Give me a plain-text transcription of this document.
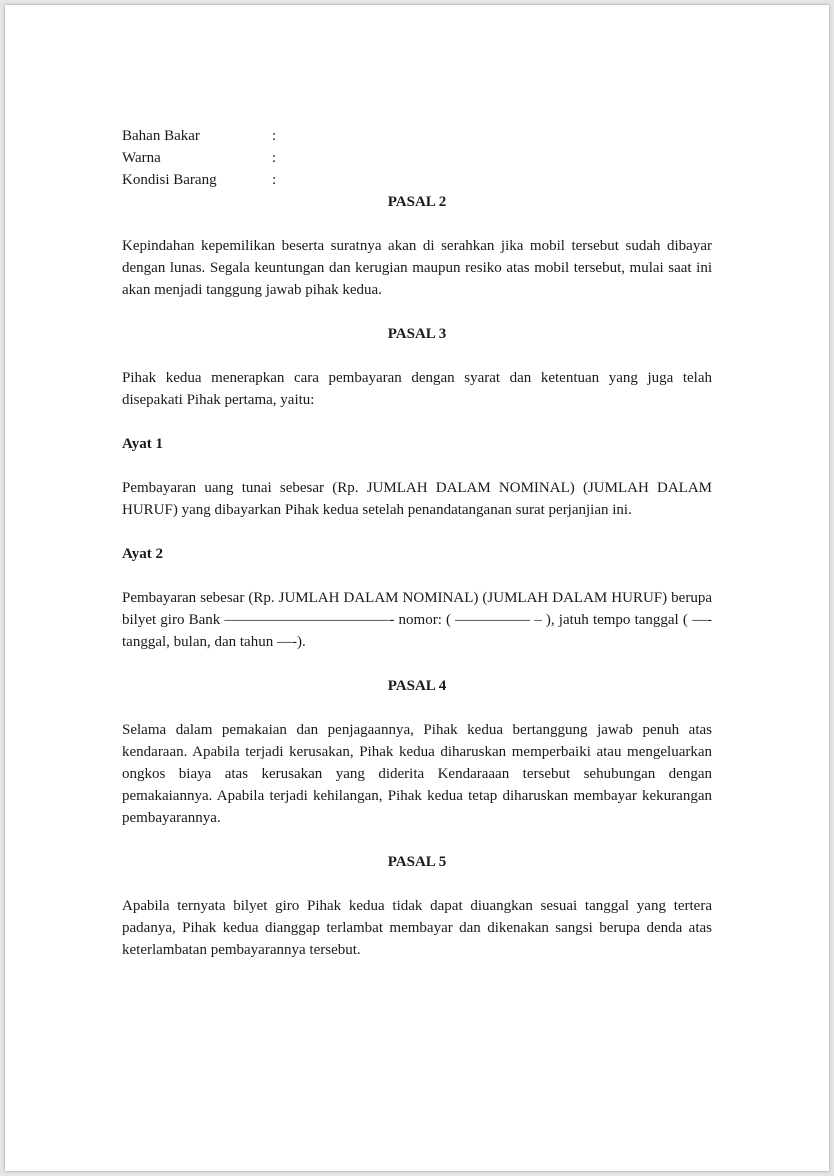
Bahan Bakar	:
Warna	:
Kondisi Barang	:

PASAL 2

Kepindahan kepemilikan beserta suratnya akan di serahkan jika mobil tersebut sudah dibayar dengan lunas. Segala keuntungan dan kerugian maupun resiko atas mobil tersebut, mulai saat ini akan menjadi tanggung jawab pihak kedua.

PASAL 3

Pihak kedua menerapkan cara pembayaran dengan syarat dan ketentuan yang juga telah disepakati Pihak pertama, yaitu:

Ayat 1

Pembayaran uang tunai sebesar (Rp. JUMLAH DALAM NOMINAL) (JUMLAH DALAM HURUF) yang dibayarkan Pihak kedua setelah penandatanganan surat perjanjian ini.

Ayat 2

Pembayaran sebesar (Rp. JUMLAH DALAM NOMINAL) (JUMLAH DALAM HURUF) berupa bilyet giro Bank ———————————- nomor: ( ————— – ), jatuh tempo tanggal ( —- tanggal, bulan, dan tahun —-).

PASAL 4

Selama dalam pemakaian dan penjagaannya, Pihak kedua bertanggung jawab penuh atas kendaraan. Apabila terjadi kerusakan, Pihak kedua diharuskan memperbaiki atau mengeluarkan ongkos biaya atas kerusakan yang diderita Kendaraaan tersebut sehubungan dengan pemakaiannya. Apabila terjadi kehilangan, Pihak kedua tetap diharuskan membayar kekurangan pembayarannya.

PASAL 5

Apabila ternyata bilyet giro Pihak kedua tidak dapat diuangkan sesuai tanggal yang tertera padanya, Pihak kedua dianggap terlambat membayar dan dikenakan sangsi berupa denda atas keterlambatan pembayarannya tersebut.
